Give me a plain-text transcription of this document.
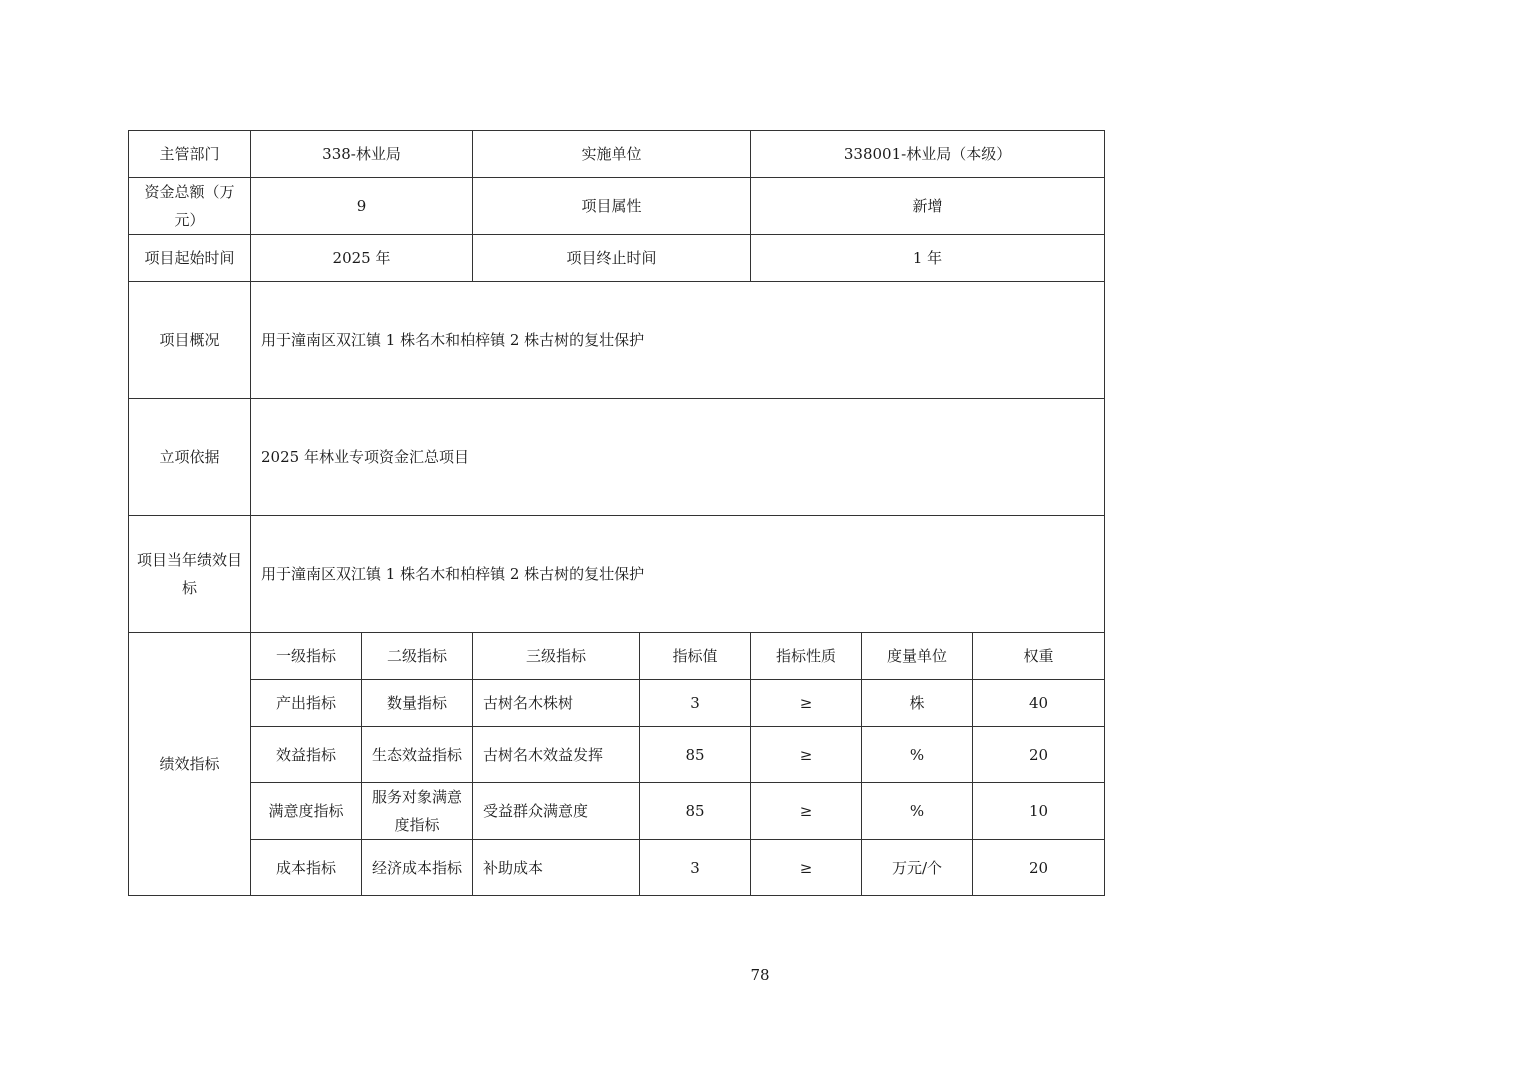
主管部门	338-林业局		实施单位		338001-林业局（本级）		
资金总额（万元）	9		项目属性		新增		
项目起始时间	2025 年		项目终止时间		1 年		
项目概况	用于潼南区双江镇 1 株名木和柏梓镇 2 株古树的复壮保护						
立项依据	2025 年林业专项资金汇总项目						
项目当年绩效目标	用于潼南区双江镇 1 株名木和柏梓镇 2 株古树的复壮保护						
绩效指标	一级指标	二级指标	三级指标	指标值	指标性质	度量单位	权重
	产出指标	数量指标	古树名木株树	3	≥	株	40
	效益指标	生态效益指标	古树名木效益发挥	85	≥	%	20
	满意度指标	服务对象满意度指标	受益群众满意度	85	≥	%	10
	成本指标	经济成本指标	补助成本	3	≥	万元/个	20
78
